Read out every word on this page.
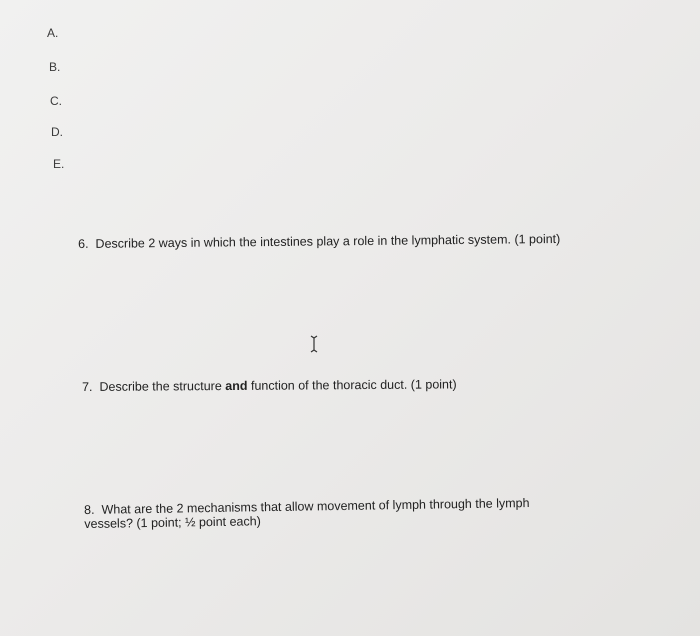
A.
B.
C.
D.
E.
6. Describe 2 ways in which the intestines play a role in the lymphatic system. (1 point)
7. Describe the structure and function of the thoracic duct. (1 point)
8. What are the 2 mechanisms that allow movement of lymph through the lymph
vessels? (1 point; ½ point each)
